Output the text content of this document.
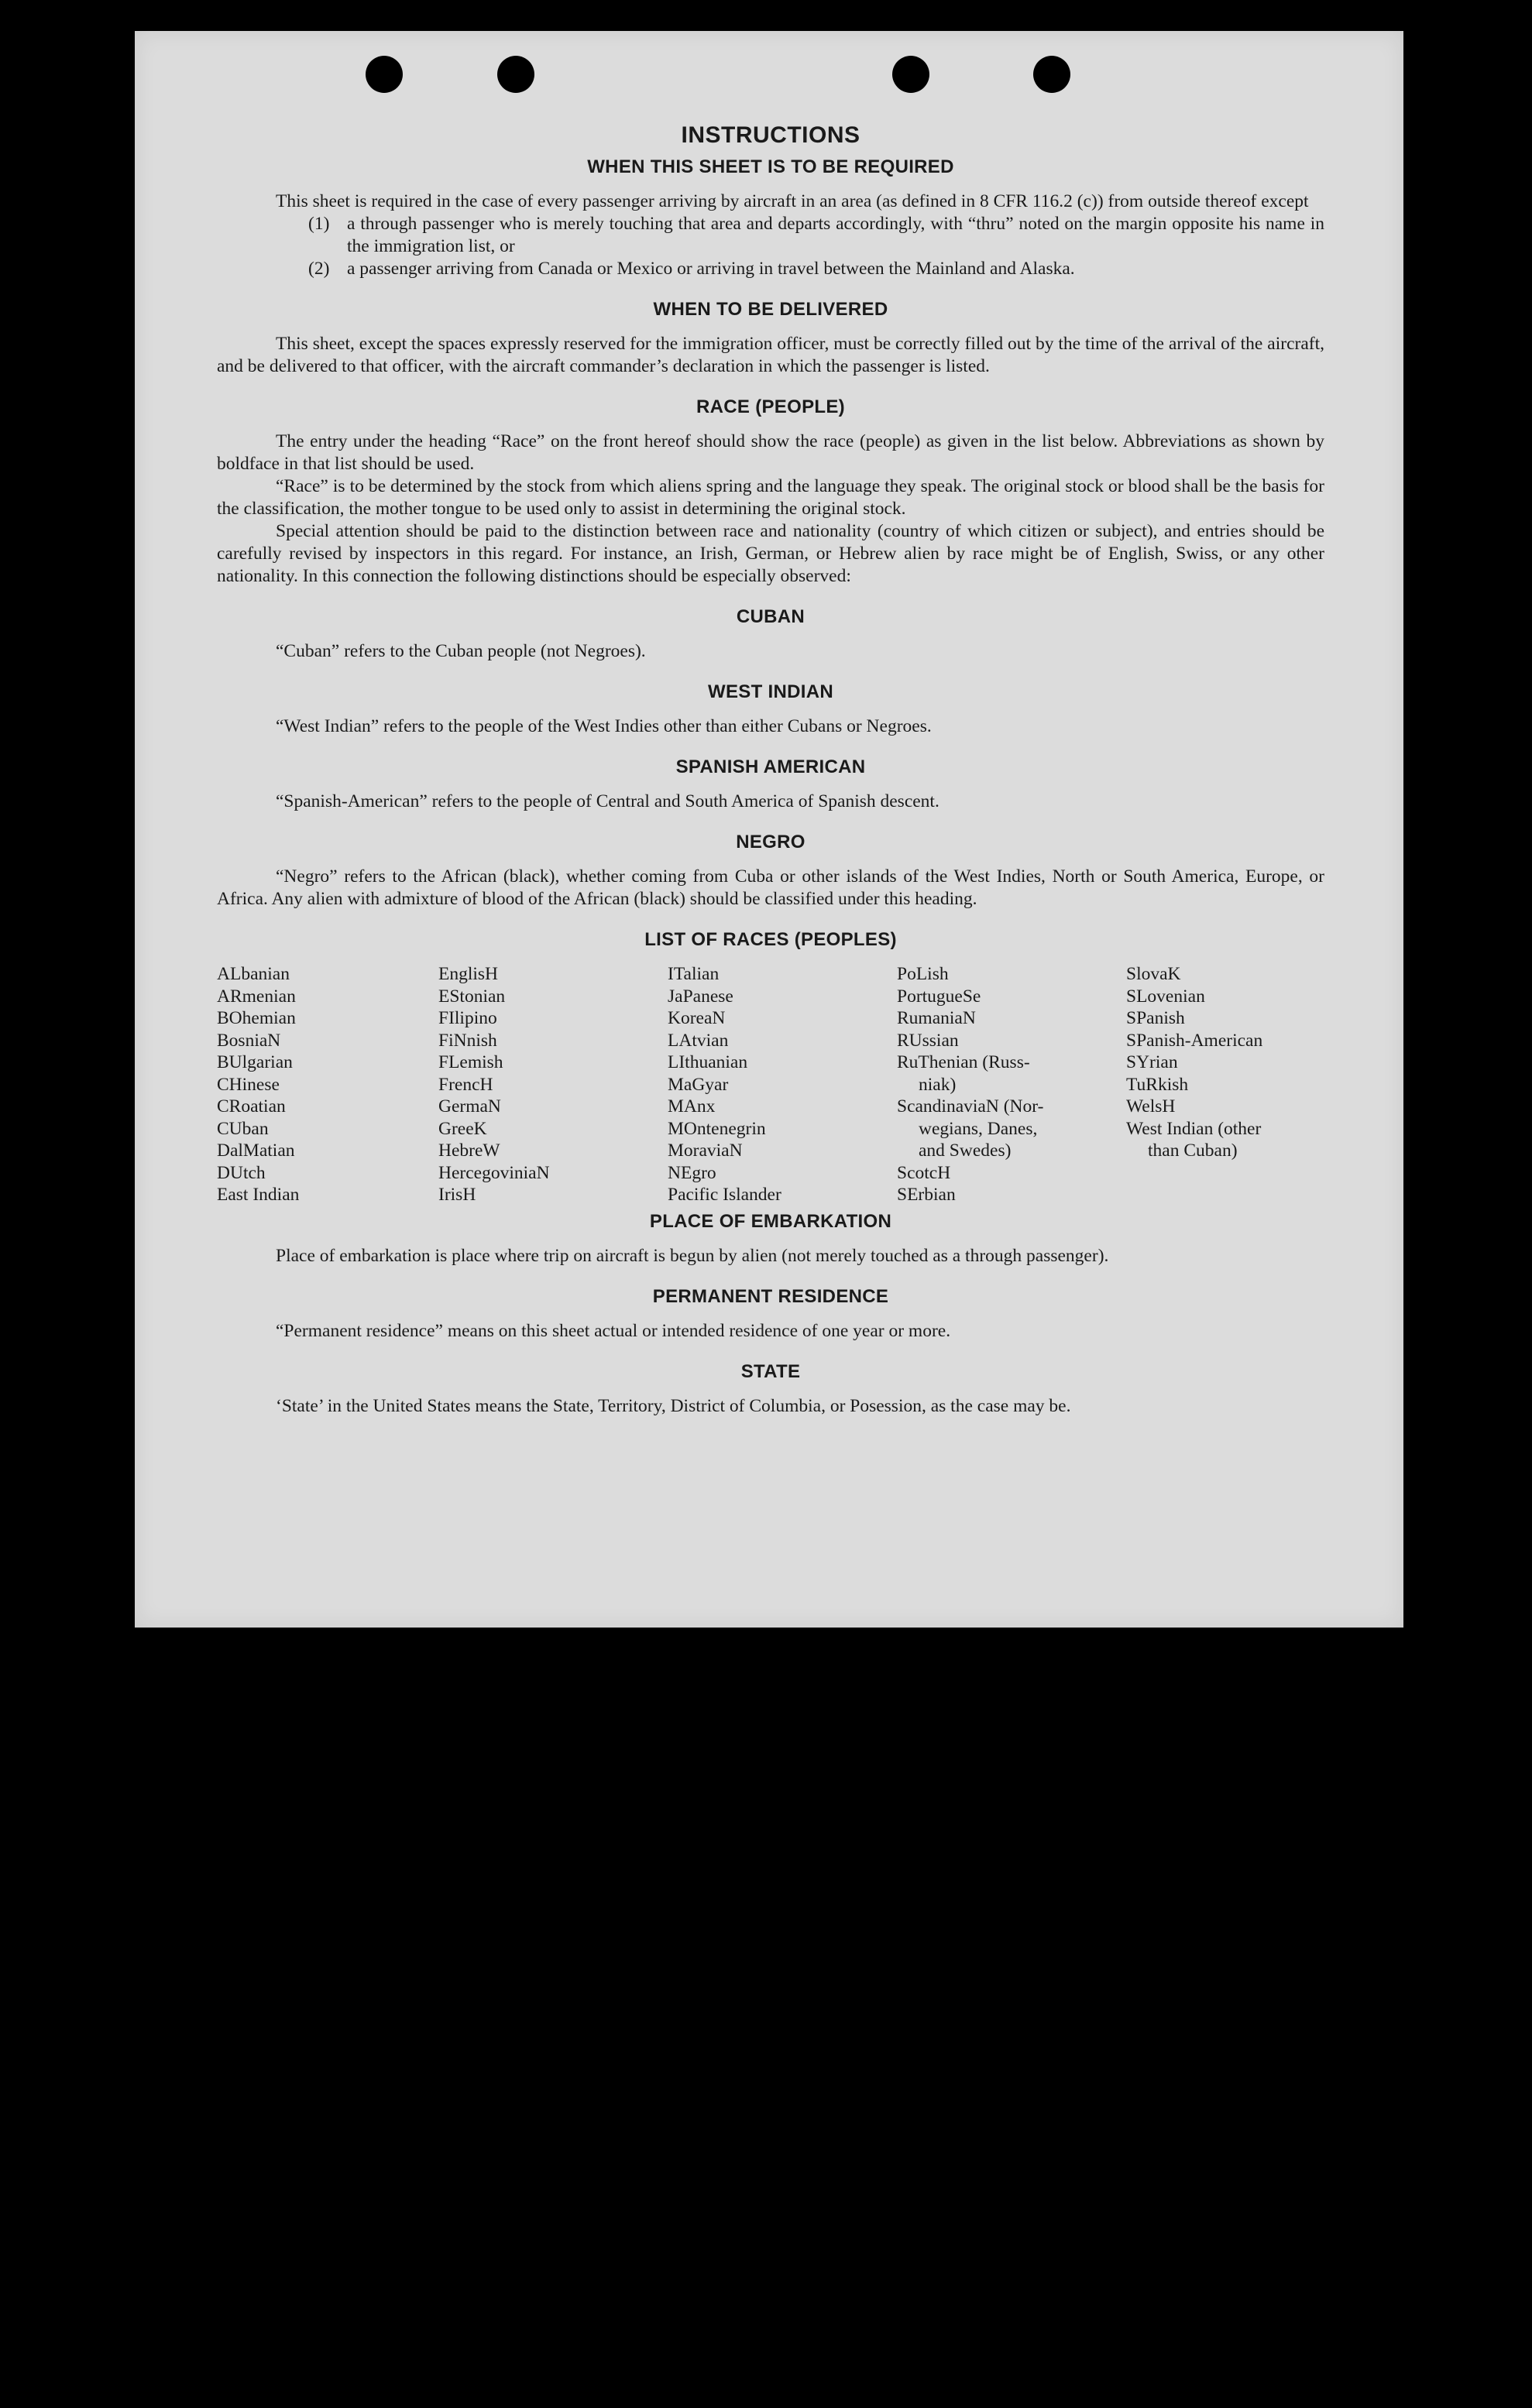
INSTRUCTIONS
WHEN THIS SHEET IS TO BE REQUIRED

This sheet is required in the case of every passenger arriving by aircraft in an area (as defined in 8 CFR 116.2 (c)) from outside thereof except

(1) a through passenger who is merely touching that area and departs accordingly, with “thru” noted on the margin opposite his name in the immigration list, or
(2) a passenger arriving from Canada or Mexico or arriving in travel between the Mainland and Alaska.
WHEN TO BE DELIVERED

This sheet, except the spaces expressly reserved for the immigration officer, must be correctly filled out by the time of the arrival of the aircraft, and be delivered to that officer, with the aircraft commander’s declaration in which the passenger is listed.

RACE (PEOPLE)

The entry under the heading “Race” on the front hereof should show the race (people) as given in the list below. Abbreviations as shown by boldface in that list should be used.

“Race” is to be determined by the stock from which aliens spring and the language they speak. The original stock or blood shall be the basis for the classification, the mother tongue to be used only to assist in determining the original stock.

Special attention should be paid to the distinction between race and nationality (country of which citizen or subject), and entries should be carefully revised by inspectors in this regard. For instance, an Irish, German, or Hebrew alien by race might be of English, Swiss, or any other nationality. In this connection the following distinctions should be especially observed:

CUBAN

“Cuban” refers to the Cuban people (not Negroes).

WEST INDIAN

“West Indian” refers to the people of the West Indies other than either Cubans or Negroes.

SPANISH AMERICAN

“Spanish-American” refers to the people of Central and South America of Spanish descent.

NEGRO

“Negro” refers to the African (black), whether coming from Cuba or other islands of the West Indies, North or South America, Europe, or Africa. Any alien with admixture of blood of the African (black) should be classified under this heading.

LIST OF RACES (PEOPLES)
ALbanian
ARmenian
BOhemian
BosniaN
BUlgarian
CHinese
CRoatian
CUban
DalMatian
DUtch
East Indian
EnglisH
EStonian
FIlipino
FiNnish
FLemish
FrencH
GermaN
GreeK
HebreW
HercegoviniaN
IrisH
ITalian
JaPanese
KoreaN
LAtvian
LIthuanian
MaGyar
MAnx
MOntenegrin
MoraviaN
NEgro
Pacific Islander
PoLish
PortugueSe
RumaniaN
RUssian
RuThenian (Russ-
niak)
ScandinaviaN (Nor-
wegians, Danes,
and Swedes)
ScotcH
SErbian
SlovaK
SLovenian
SPanish
SPanish-American
SYrian
TuRkish
WelsH
West Indian (other
than Cuban)
PLACE OF EMBARKATION

Place of embarkation is place where trip on aircraft is begun by alien (not merely touched as a through passenger).

PERMANENT RESIDENCE

“Permanent residence” means on this sheet actual or intended residence of one year or more.

STATE

‘State’ in the United States means the State, Territory, District of Columbia, or Posession, as the case may be.
